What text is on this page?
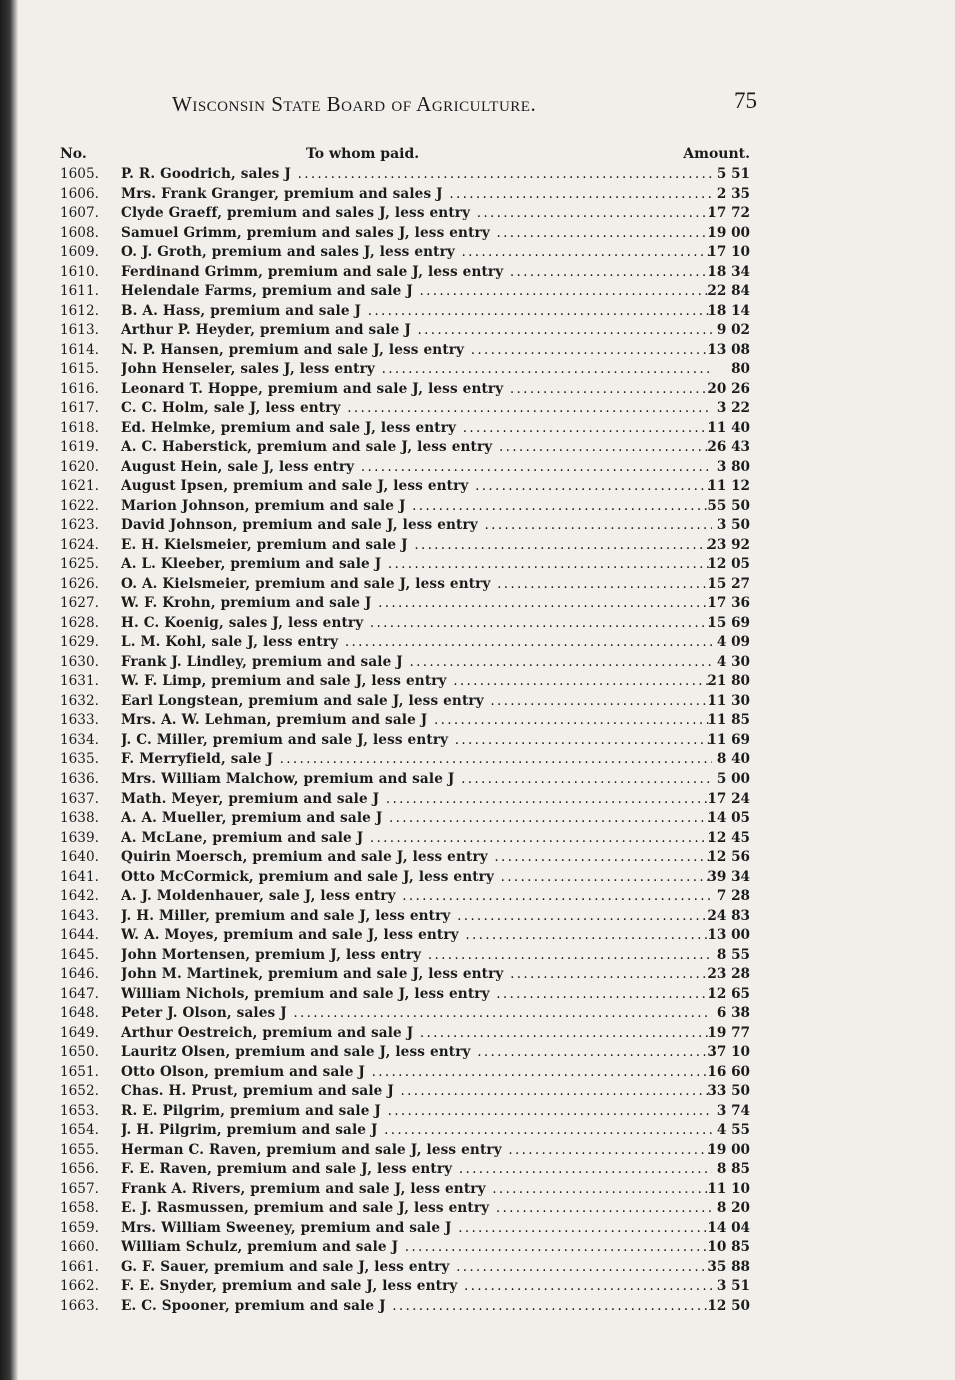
Wisconsin State Board of Agriculture.	75
No.	To whom paid.	Amount.
1605.	P. R. Goodrich, sales J .....	5 51
1606.	Mrs. Frank Granger, premium and sales J .....	2 35
1607.	Clyde Graeff, premium and sales J, less entry .....	17 72
1608.	Samuel Grimm, premium and sales J, less entry .....	19 00
1609.	O. J. Groth, premium and sales J, less entry .....	17 10
1610.	Ferdinand Grimm, premium and sale J, less entry .....	18 34
1611.	Helendale Farms, premium and sale J .....	22 84
1612.	B. A. Hass, premium and sale J .....	18 14
1613.	Arthur P. Heyder, premium and sale J .....	9 02
1614.	N. P. Hansen, premium and sale J, less entry .....	13 08
1615.	John Henseler, sales J, less entry .....	80
1616.	Leonard T. Hoppe, premium and sale J, less entry .....	20 26
1617.	C. C. Holm, sale J, less entry .....	3 22
1618.	Ed. Helmke, premium and sale J, less entry .....	11 40
1619.	A. C. Haberstick, premium and sale J, less entry .....	26 43
1620.	August Hein, sale J, less entry .....	3 80
1621.	August Ipsen, premium and sale J, less entry .....	11 12
1622.	Marion Johnson, premium and sale J .....	55 50
1623.	David Johnson, premium and sale J, less entry .....	3 50
1624.	E. H. Kielsmeier, premium and sale J .....	23 92
1625.	A. L. Kleeber, premium and sale J .....	12 05
1626.	O. A. Kielsmeier, premium and sale J, less entry .....	15 27
1627.	W. F. Krohn, premium and sale J .....	17 36
1628.	H. C. Koenig, sales J, less entry .....	15 69
1629.	L. M. Kohl, sale J, less entry .....	4 09
1630.	Frank J. Lindley, premium and sale J .....	4 30
1631.	W. F. Limp, premium and sale J, less entry .....	21 80
1632.	Earl Longstean, premium and sale J, less entry .....	11 30
1633.	Mrs. A. W. Lehman, premium and sale J .....	11 85
1634.	J. C. Miller, premium and sale J, less entry .....	11 69
1635.	F. Merryfield, sale J .....	8 40
1636.	Mrs. William Malchow, premium and sale J .....	5 00
1637.	Math. Meyer, premium and sale J .....	17 24
1638.	A. A. Mueller, premium and sale J .....	14 05
1639.	A. McLane, premium and sale J .....	12 45
1640.	Quirin Moersch, premium and sale J, less entry .....	12 56
1641.	Otto McCormick, premium and sale J, less entry .....	39 34
1642.	A. J. Moldenhauer, sale J, less entry .....	7 28
1643.	J. H. Miller, premium and sale J, less entry .....	24 83
1644.	W. A. Moyes, premium and sale J, less entry .....	13 00
1645.	John Mortensen, premium J, less entry .....	8 55
1646.	John M. Martinek, premium and sale J, less entry .....	23 28
1647.	William Nichols, premium and sale J, less entry .....	12 65
1648.	Peter J. Olson, sales J .....	6 38
1649.	Arthur Oestreich, premium and sale J .....	19 77
1650.	Lauritz Olsen, premium and sale J, less entry .....	37 10
1651.	Otto Olson, premium and sale J .....	16 60
1652.	Chas. H. Prust, premium and sale J .....	33 50
1653.	R. E. Pilgrim, premium and sale J .....	3 74
1654.	J. H. Pilgrim, premium and sale J .....	4 55
1655.	Herman C. Raven, premium and sale J, less entry .....	19 00
1656.	F. E. Raven, premium and sale J, less entry .....	8 85
1657.	Frank A. Rivers, premium and sale J, less entry .....	11 10
1658.	E. J. Rasmussen, premium and sale J, less entry .....	8 20
1659.	Mrs. William Sweeney, premium and sale J .....	14 04
1660.	William Schulz, premium and sale J .....	10 85
1661.	G. F. Sauer, premium and sale J, less entry .....	35 88
1662.	F. E. Snyder, premium and sale J, less entry .....	3 51
1663.	E. C. Spooner, premium and sale J .....	12 50
